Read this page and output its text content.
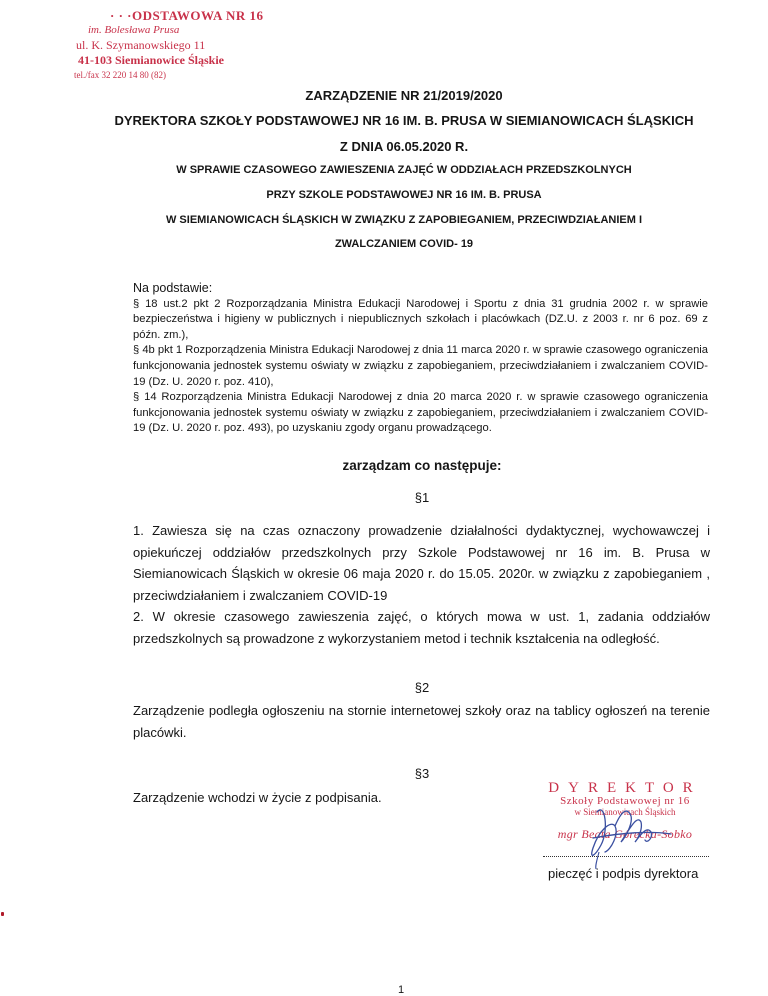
· · ·ODSTAWOWA NR 16
im. Bolesława Prusa
ul. K. Szymanowskiego 11
41-103 Siemianowice Śląskie
tel./fax 32 220 14 80 (82)
ZARZĄDZENIE NR 21/2019/2020
DYREKTORA SZKOŁY PODSTAWOWEJ NR 16 IM. B. PRUSA W SIEMIANOWICACH ŚLĄSKICH
Z DNIA 06.05.2020 R.
W SPRAWIE CZASOWEGO ZAWIESZENIA ZAJĘĆ W ODDZIAŁACH PRZEDSZKOLNYCH
PRZY SZKOLE PODSTAWOWEJ NR 16 IM. B. PRUSA
W SIEMIANOWICACH ŚLĄSKICH W ZWIĄZKU Z ZAPOBIEGANIEM, PRZECIWDZIAŁANIEM I
ZWALCZANIEM COVID- 19

Na podstawie:

§ 18 ust.2 pkt 2 Rozporządzania Ministra Edukacji Narodowej i Sportu z dnia 31 grudnia 2002 r. w sprawie bezpieczeństwa i higieny w publicznych i niepublicznych szkołach i placówkach (DZ.U. z 2003 r. nr 6 poz. 69 z późn. zm.),

§ 4b pkt 1 Rozporządzenia Ministra Edukacji Narodowej z dnia 11 marca 2020 r. w sprawie czasowego ograniczenia funkcjonowania jednostek systemu oświaty w związku z zapobieganiem, przeciwdziałaniem i zwalczaniem COVID-19 (Dz. U. 2020 r. poz. 410),

§ 14 Rozporządzenia Ministra Edukacji Narodowej z dnia 20 marca 2020 r. w sprawie czasowego ograniczenia funkcjonowania jednostek systemu oświaty w związku z zapobieganiem, przeciwdziałaniem i zwalczaniem COVID-19 (Dz. U. 2020 r. poz. 493), po uzyskaniu zgody organu prowadzącego.

zarządzam co następuje:
§1

1. Zawiesza się na czas oznaczony prowadzenie działalności dydaktycznej, wychowawczej i opiekuńczej oddziałów przedszkolnych przy Szkole Podstawowej nr 16 im. B. Prusa w Siemianowicach Śląskich w okresie 06 maja 2020 r. do 15.05. 2020r. w związku z zapobieganiem , przeciwdziałaniem i zwalczaniem COVID-19

2. W okresie czasowego zawieszenia zajęć, o których mowa w ust. 1, zadania oddziałów przedszkolnych są prowadzone z wykorzystaniem metod i technik kształcenia na odległość.

§2

Zarządzenie podległa ogłoszeniu na stornie internetowej szkoły oraz na tablicy ogłoszeń na terenie placówki.

§3

Zarządzenie wchodzi w życie z podpisania.

DYREKTOR
Szkoły Podstawowej nr 16
w Siemianowicach Śląskich
mgr Beata Górecka-Sobko
pieczęć i podpis dyrektora
1
